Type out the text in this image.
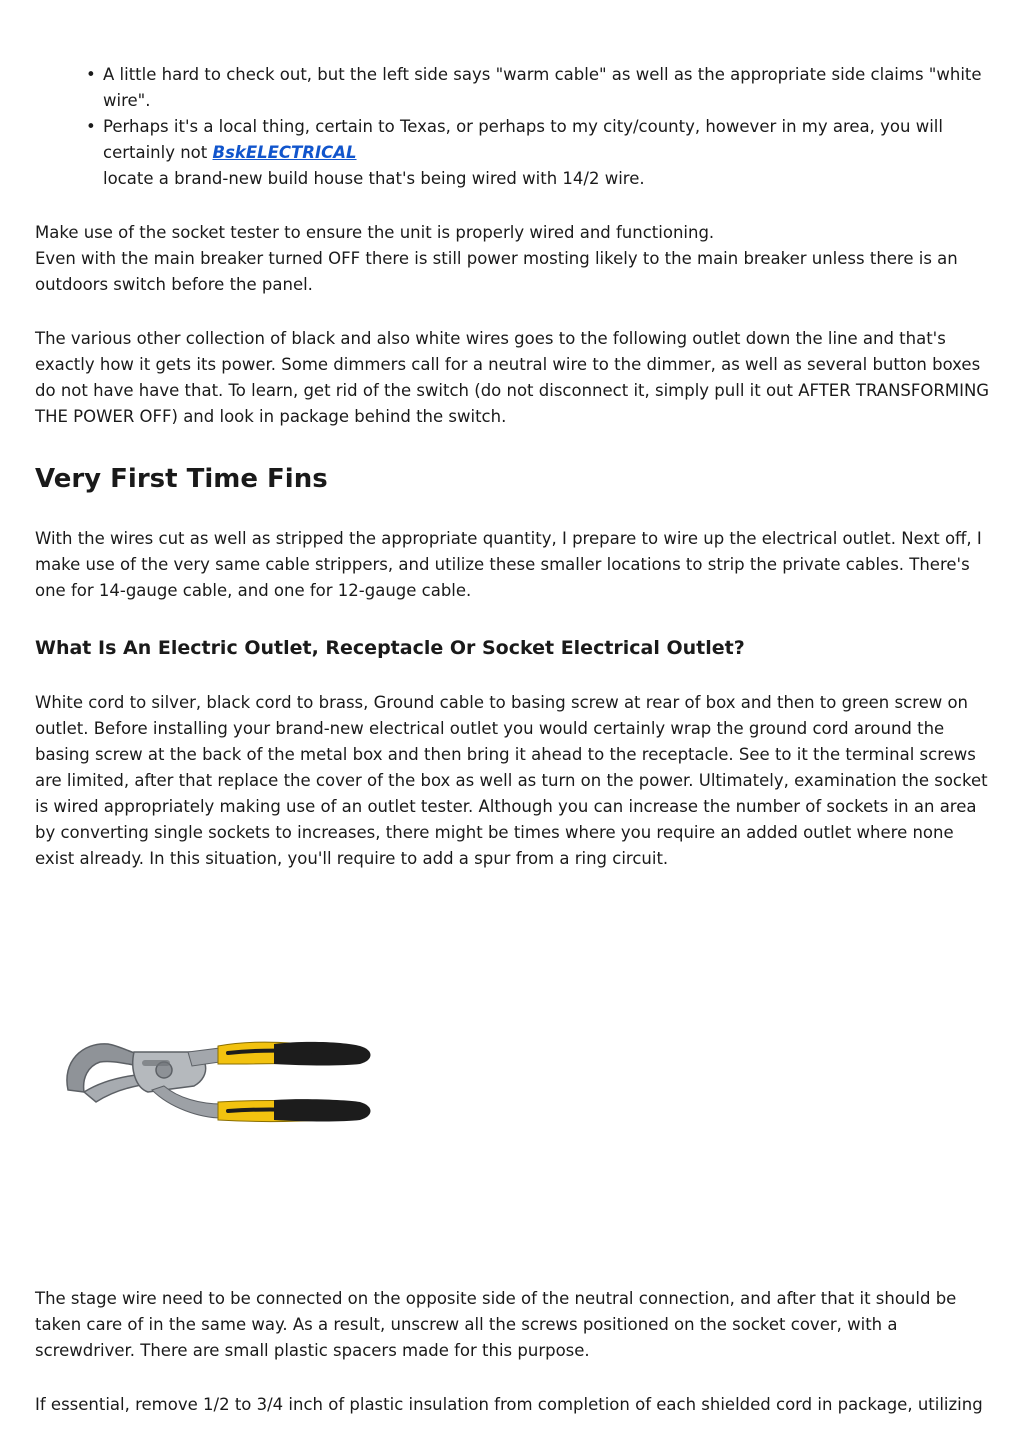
• A little hard to check out, but the left side says "warm cable" as well as the appropriate side claims "white wire".
• Perhaps it's a local thing, certain to Texas, or perhaps to my city/county, however in my area, you will certainly not BskELECTRICAL
locate a brand-new build house that's being wired with 14/2 wire.
Make use of the socket tester to ensure the unit is properly wired and functioning.
Even with the main breaker turned OFF there is still power mosting likely to the main breaker unless there is an outdoors switch before the panel.

The various other collection of black and also white wires goes to the following outlet down the line and that's exactly how it gets its power. Some dimmers call for a neutral wire to the dimmer, as well as several button boxes do not have have that. To learn, get rid of the switch (do not disconnect it, simply pull it out AFTER TRANSFORMING THE POWER OFF) and look in package behind the switch.

Very First Time Fins

With the wires cut as well as stripped the appropriate quantity, I prepare to wire up the electrical outlet. Next off, I make use of the very same cable strippers, and utilize these smaller locations to strip the private cables. There's one for 14-gauge cable, and one for 12-gauge cable.

What Is An Electric Outlet, Receptacle Or Socket Electrical Outlet?

White cord to silver, black cord to brass, Ground cable to basing screw at rear of box and then to green screw on outlet. Before installing your brand-new electrical outlet you would certainly wrap the ground cord around the basing screw at the back of the metal box and then bring it ahead to the receptacle. See to it the terminal screws are limited, after that replace the cover of the box as well as turn on the power. Ultimately, examination the socket is wired appropriately making use of an outlet tester. Although you can increase the number of sockets in an area by converting single sockets to increases, there might be times where you require an added outlet where none exist already. In this situation, you'll require to add a spur from a ring circuit.

The stage wire need to be connected on the opposite side of the neutral connection, and after that it should be taken care of in the same way. As a result, unscrew all the screws positioned on the socket cover, with a screwdriver. There are small plastic spacers made for this purpose.

If essential, remove 1/2 to 3/4 inch of plastic insulation from completion of each shielded cord in package, utilizing
